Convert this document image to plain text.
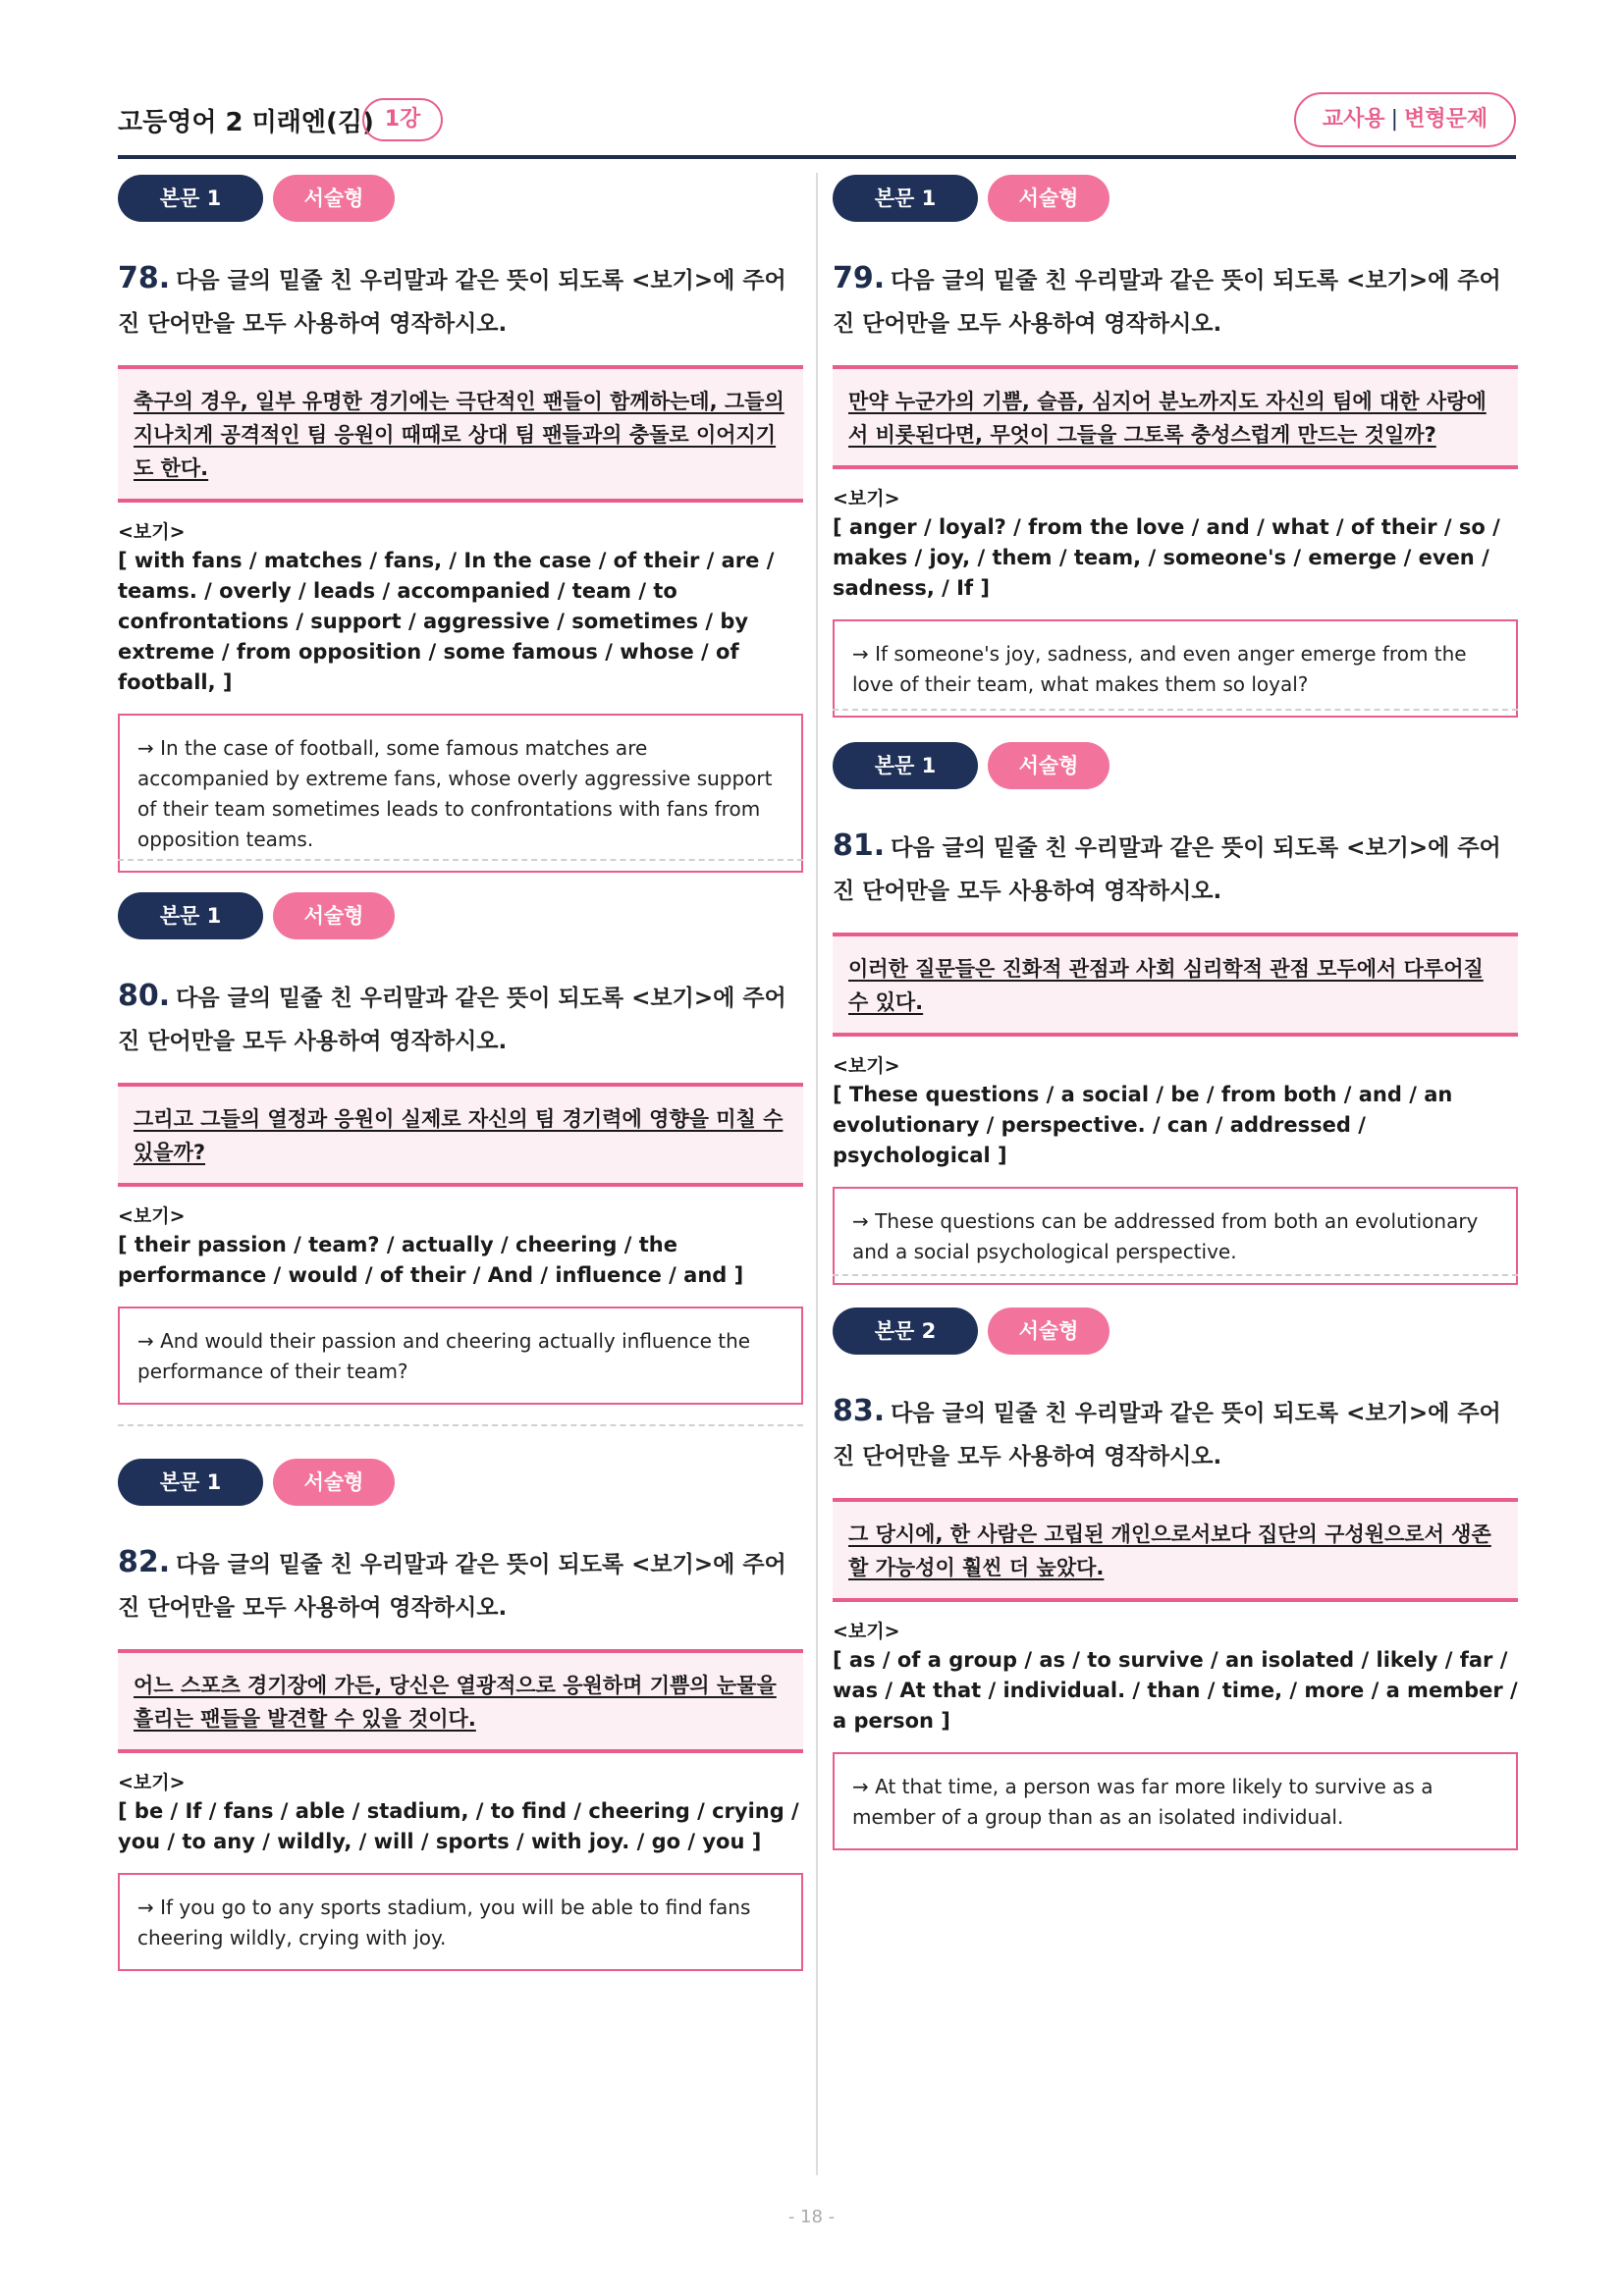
고등영어 2 미래엔(김) 1강	교사용 | 변형문제
본문 1	서술형
78. 다음 글의 밑줄 친 우리말과 같은 뜻이 되도록 <보기>에 주어진 단어만을 모두 사용하여 영작하시오.
축구의 경우, 일부 유명한 경기에는 극단적인 팬들이 함께하는데, 그들의 지나치게 공격적인 팀 응원이 때때로 상대 팀 팬들과의 충돌로 이어지기도 한다.
<보기>
[ with fans / matches / fans, / In the case / of their / are / teams. / overly / leads / accompanied / team / to confrontations / support / aggressive / sometimes / by extreme / from opposition / some famous / whose / of football, ]
→ In the case of football, some famous matches are accompanied by extreme fans, whose overly aggressive support of their team sometimes leads to confrontations with fans from opposition teams.
본문 1	서술형
80. 다음 글의 밑줄 친 우리말과 같은 뜻이 되도록 <보기>에 주어진 단어만을 모두 사용하여 영작하시오.
그리고 그들의 열정과 응원이 실제로 자신의 팀 경기력에 영향을 미칠 수 있을까?
<보기>
[ their passion / team? / actually / cheering / the performance / would / of their / And / influence / and ]
→ And would their passion and cheering actually influence the performance of their team?
본문 1	서술형
82. 다음 글의 밑줄 친 우리말과 같은 뜻이 되도록 <보기>에 주어진 단어만을 모두 사용하여 영작하시오.
어느 스포츠 경기장에 가든, 당신은 열광적으로 응원하며 기쁨의 눈물을 흘리는 팬들을 발견할 수 있을 것이다.
<보기>
[ be / If / fans / able / stadium, / to find / cheering / crying / you / to any / wildly, / will / sports / with joy. / go / you ]
→ If you go to any sports stadium, you will be able to find fans cheering wildly, crying with joy.
본문 1	서술형
79. 다음 글의 밑줄 친 우리말과 같은 뜻이 되도록 <보기>에 주어진 단어만을 모두 사용하여 영작하시오.
만약 누군가의 기쁨, 슬픔, 심지어 분노까지도 자신의 팀에 대한 사랑에서 비롯된다면, 무엇이 그들을 그토록 충성스럽게 만드는 것일까?
<보기>
[ anger / loyal? / from the love / and / what / of their / so / makes / joy, / them / team, / someone's / emerge / even / sadness, / If ]
→ If someone's joy, sadness, and even anger emerge from the love of their team, what makes them so loyal?
본문 1	서술형
81. 다음 글의 밑줄 친 우리말과 같은 뜻이 되도록 <보기>에 주어진 단어만을 모두 사용하여 영작하시오.
이러한 질문들은 진화적 관점과 사회 심리학적 관점 모두에서 다루어질 수 있다.
<보기>
[ These questions / a social / be / from both / and / an evolutionary / perspective. / can / addressed / psychological ]
→ These questions can be addressed from both an evolutionary and a social psychological perspective.
본문 2	서술형
83. 다음 글의 밑줄 친 우리말과 같은 뜻이 되도록 <보기>에 주어진 단어만을 모두 사용하여 영작하시오.
그 당시에, 한 사람은 고립된 개인으로서보다 집단의 구성원으로서 생존할 가능성이 훨씬 더 높았다.
<보기>
[ as / of a group / as / to survive / an isolated / likely / far / was / At that / individual. / than / time, / more / a member / a person ]
→ At that time, a person was far more likely to survive as a member of a group than as an isolated individual.
- 18 -
